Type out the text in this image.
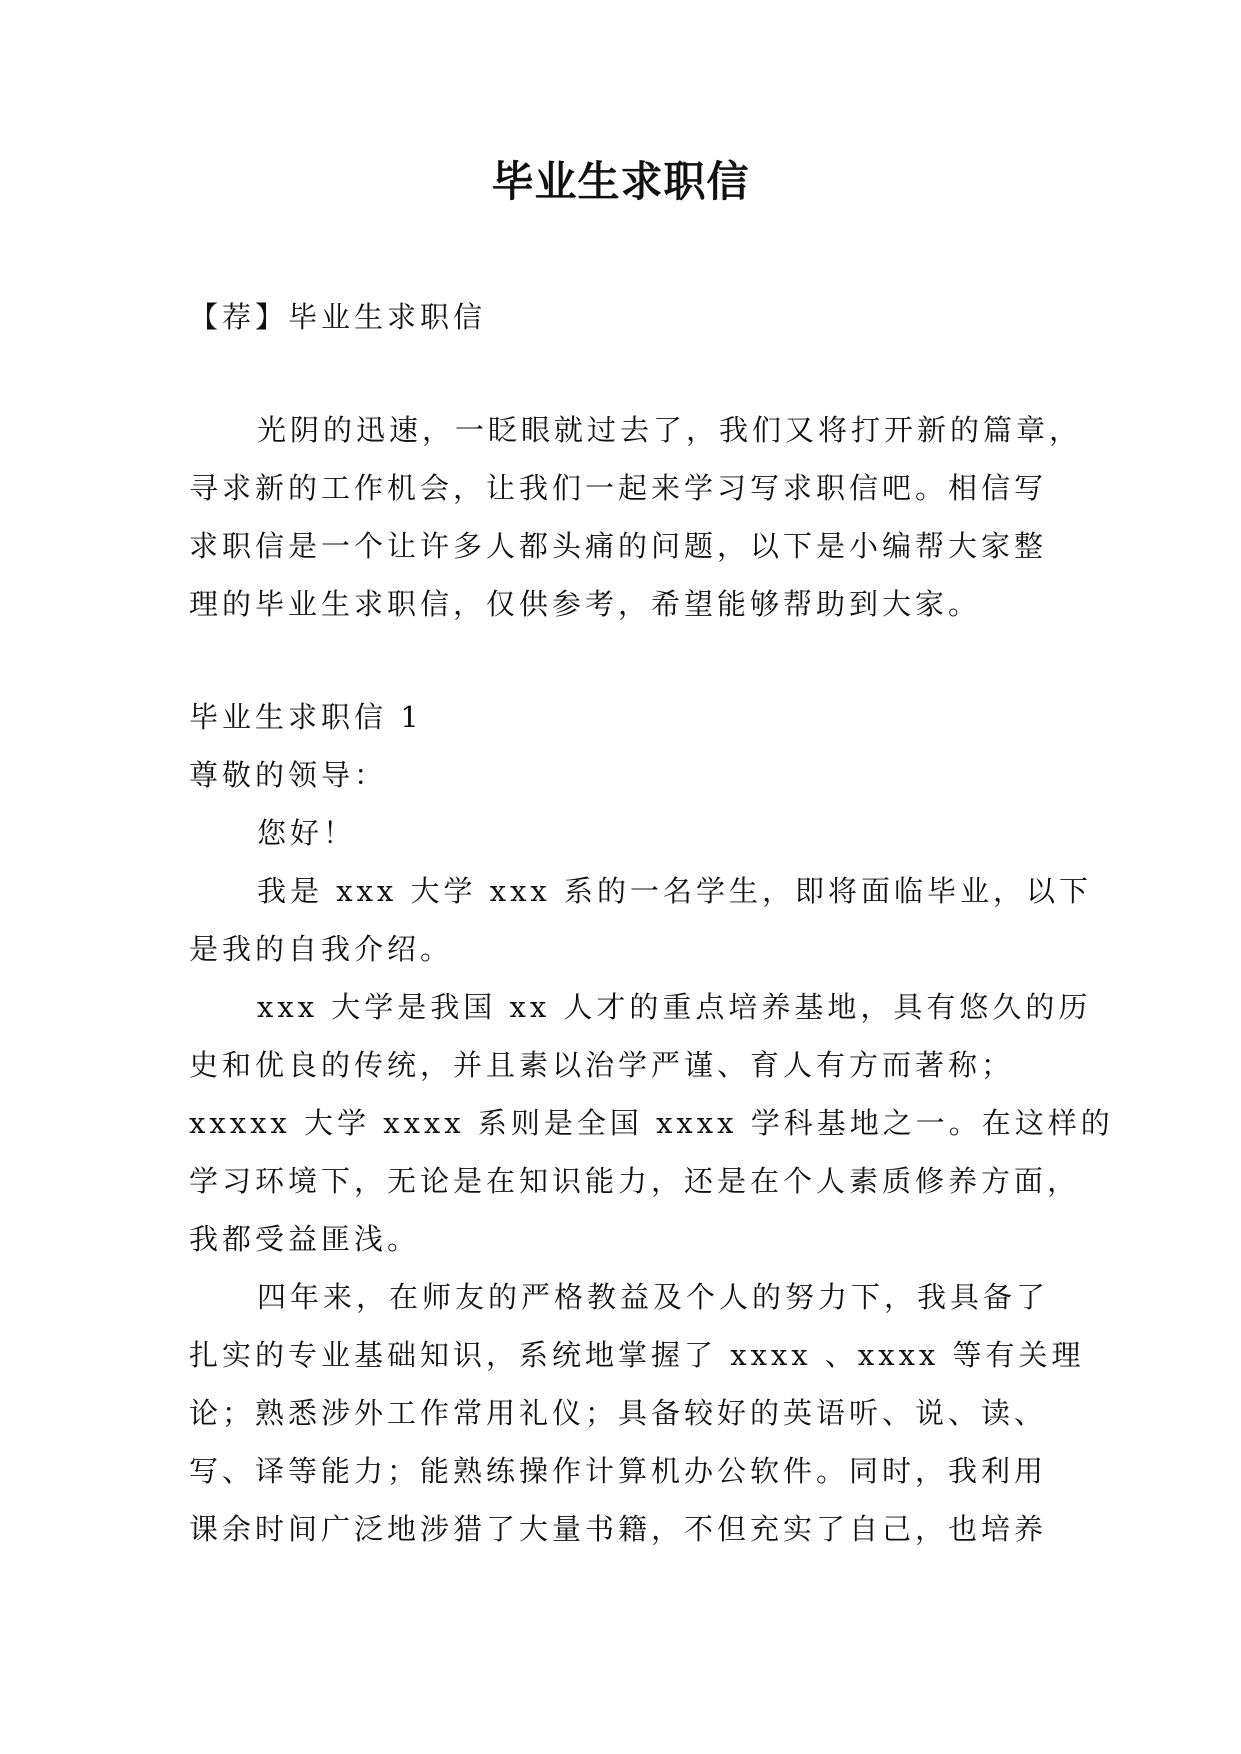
毕业生求职信
【荐】毕业生求职信
光阴的迅速，一眨眼就过去了，我们又将打开新的篇章，
寻求新的工作机会，让我们一起来学习写求职信吧。相信写
求职信是一个让许多人都头痛的问题，以下是小编帮大家整
理的毕业生求职信，仅供参考，希望能够帮助到大家。
毕业生求职信 1
尊敬的领导：
您好！
我是 xxx 大学 xxx 系的一名学生，即将面临毕业，以下
是我的自我介绍。
xxx 大学是我国 xx 人才的重点培养基地，具有悠久的历
史和优良的传统，并且素以治学严谨、育人有方而著称；
xxxxx 大学 xxxx 系则是全国 xxxx 学科基地之一。在这样的
学习环境下，无论是在知识能力，还是在个人素质修养方面，
我都受益匪浅。
四年来，在师友的严格教益及个人的努力下，我具备了
扎实的专业基础知识，系统地掌握了 xxxx 、xxxx 等有关理
论；熟悉涉外工作常用礼仪；具备较好的英语听、说、读、
写、译等能力；能熟练操作计算机办公软件。同时，我利用
课余时间广泛地涉猎了大量书籍，不但充实了自己，也培养
